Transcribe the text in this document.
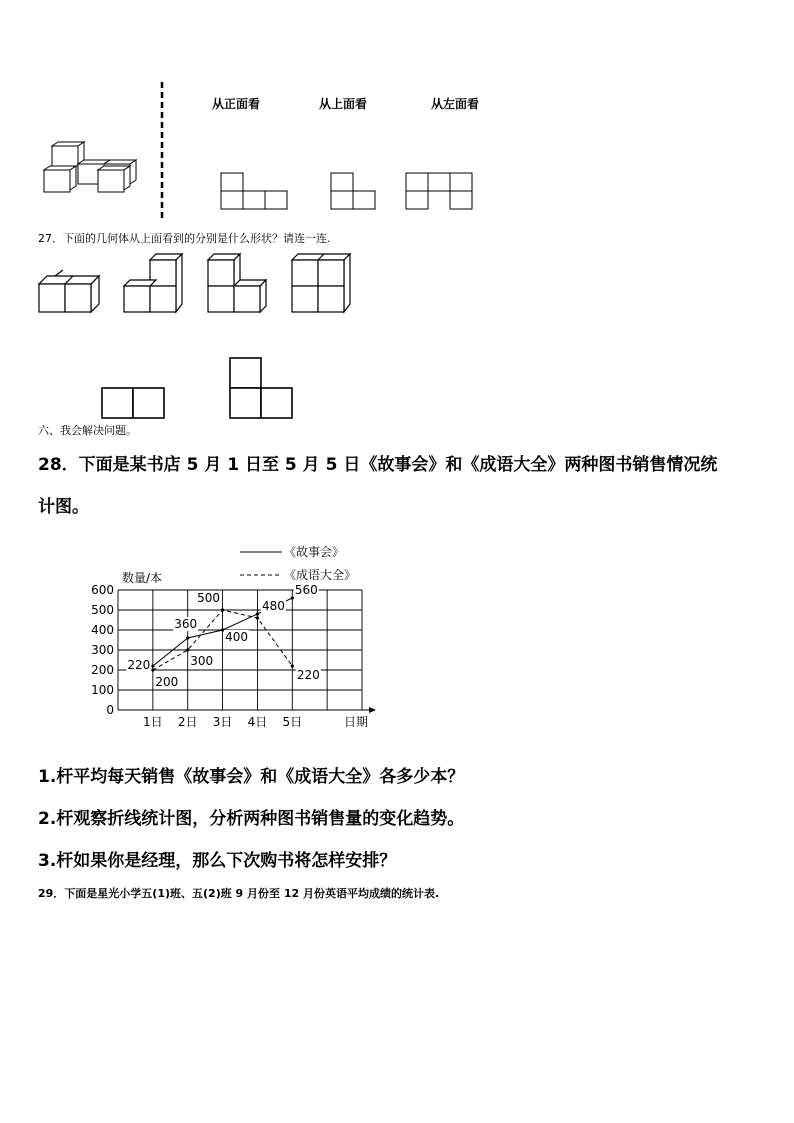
从正面看	从上面看	从左面看
27．下面的几何体从上面看到的分别是什么形状？请连一连.
六、我会解决问题。
28．下面是某书店 5 月 1 日至 5 月 5 日《故事会》和《成语大全》两种图书销售情况统
计图。
0
100
200
300
400
500
600
1日 2日 3日 4日 5日
数量/本
日期
220
360
400
480
560
200
300
500
220
《故事会》
《成语大全》
1.杆平均每天销售《故事会》和《成语大全》各多少本？
2.杆观察折线统计图，分析两种图书销售量的变化趋势。
3.杆如果你是经理，那么下次购书将怎样安排？
29．下面是星光小学五(1)班、五(2)班 9 月份至 12 月份英语平均成绩的统计表.
